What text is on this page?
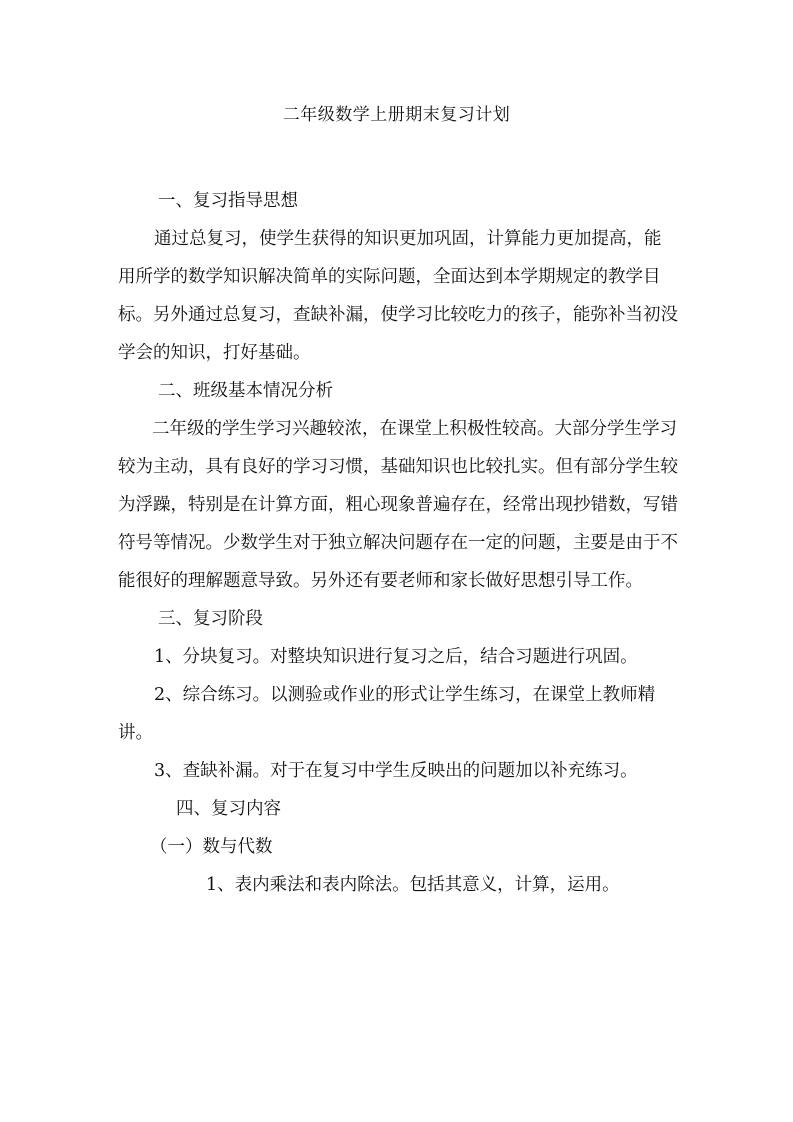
二年级数学上册期末复习计划

一、复习指导思想

通过总复习，使学生获得的知识更加巩固，计算能力更加提高，能用所学的数学知识解决简单的实际问题，全面达到本学期规定的教学目标。另外通过总复习，查缺补漏，使学习比较吃力的孩子，能弥补当初没学会的知识，打好基础。

二、班级基本情况分析

二年级的学生学习兴趣较浓，在课堂上积极性较高。大部分学生学习较为主动，具有良好的学习习惯，基础知识也比较扎实。但有部分学生较为浮躁，特别是在计算方面，粗心现象普遍存在，经常出现抄错数，写错符号等情况。少数学生对于独立解决问题存在一定的问题，主要是由于不能很好的理解题意导致。另外还有要老师和家长做好思想引导工作。

三、复习阶段

1、分块复习。对整块知识进行复习之后，结合习题进行巩固。

2、综合练习。以测验或作业的形式让学生练习，在课堂上教师精讲。

3、查缺补漏。对于在复习中学生反映出的问题加以补充练习。

四、复习内容

（一）数与代数

1、表内乘法和表内除法。包括其意义，计算，运用。
